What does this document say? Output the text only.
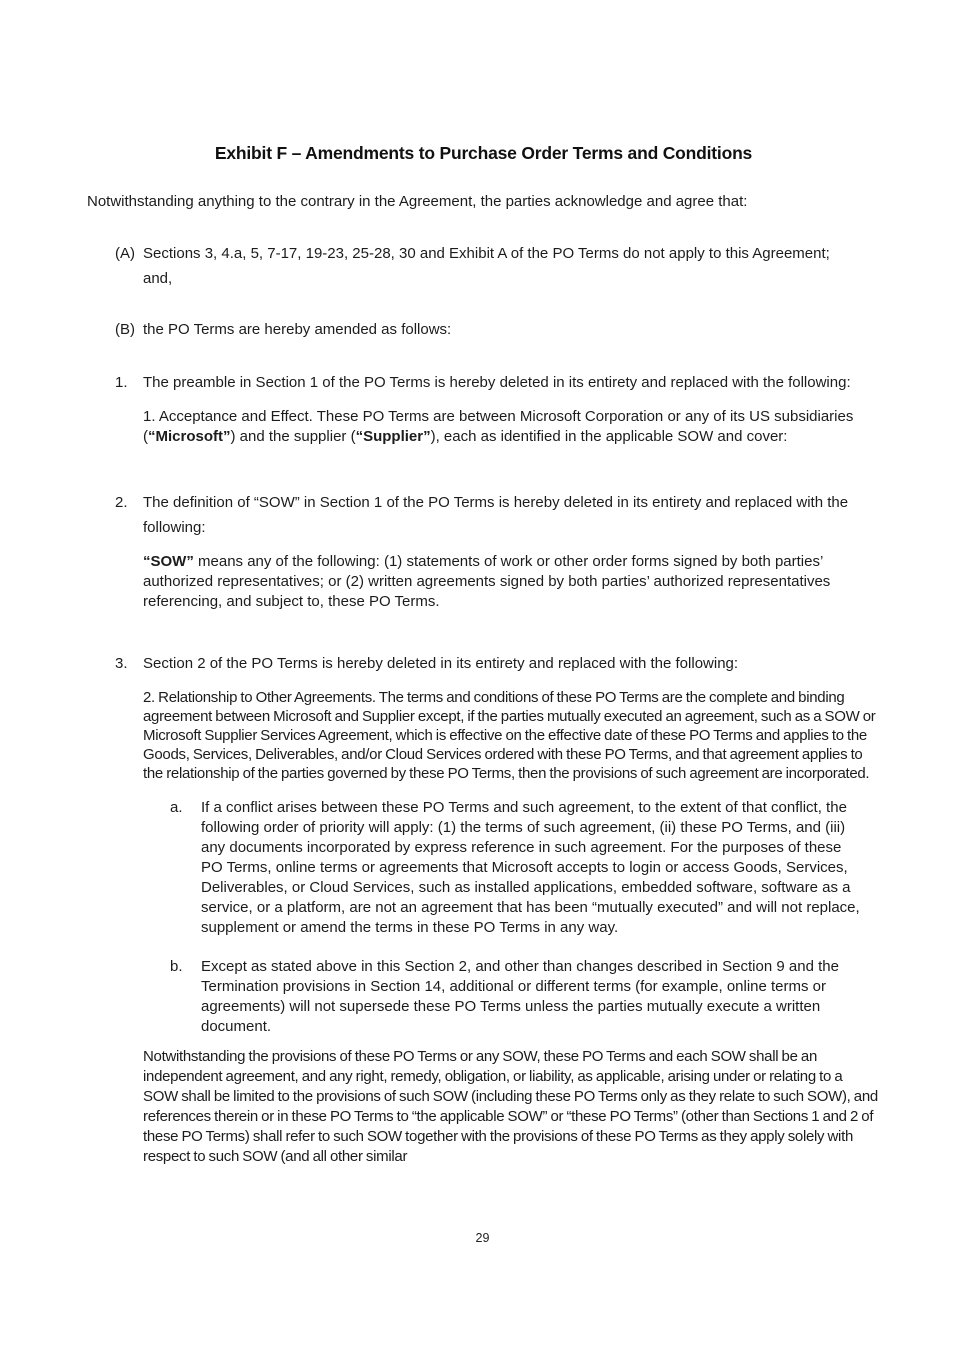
Exhibit F – Amendments to Purchase Order Terms and Conditions

Notwithstanding anything to the contrary in the Agreement, the parties acknowledge and agree that:

(A) Sections 3, 4.a, 5, 7-17, 19-23, 25-28, 30 and Exhibit A of the PO Terms do not apply to this Agreement; and,
(B) the PO Terms are hereby amended as follows:
1.	The preamble in Section 1 of the PO Terms is hereby deleted in its entirety and replaced with the following:

1. Acceptance and Effect. These PO Terms are between Microsoft Corporation or any of its US subsidiaries (“Microsoft”) and the supplier (“Supplier”), each as identified in the applicable SOW and cover:

2.	The definition of “SOW” in Section 1 of the PO Terms is hereby deleted in its entirety and replaced with the following:

“SOW” means any of the following: (1) statements of work or other order forms signed by both parties’ authorized representatives; or (2) written agreements signed by both parties’ authorized representatives referencing, and subject to, these PO Terms.

3.	Section 2 of the PO Terms is hereby deleted in its entirety and replaced with the following:

2. Relationship to Other Agreements. The terms and conditions of these PO Terms are the complete and binding agreement between Microsoft and Supplier except, if the parties mutually executed an agreement, such as a SOW or Microsoft Supplier Services Agreement, which is effective on the effective date of these PO Terms and applies to the Goods, Services, Deliverables, and/or Cloud Services ordered with these PO Terms, and that agreement applies to the relationship of the parties governed by these PO Terms, then the provisions of such agreement are incorporated.

a.	If a conflict arises between these PO Terms and such agreement, to the extent of that conflict, the following order of priority will apply: (1) the terms of such agreement, (ii) these PO Terms, and (iii) any documents incorporated by express reference in such agreement. For the purposes of these PO Terms, online terms or agreements that Microsoft accepts to login or access Goods, Services, Deliverables, or Cloud Services, such as installed applications, embedded software, software as a service, or a platform, are not an agreement that has been “mutually executed” and will not replace, supplement or amend the terms in these PO Terms in any way.
b.	Except as stated above in this Section 2, and other than changes described in Section 9 and the Termination provisions in Section 14, additional or different terms (for example, online terms or agreements) will not supersede these PO Terms unless the parties mutually execute a written document.

Notwithstanding the provisions of these PO Terms or any SOW, these PO Terms and each SOW shall be an independent agreement, and any right, remedy, obligation, or liability, as applicable, arising under or relating to a SOW shall be limited to the provisions of such SOW (including these PO Terms only as they relate to such SOW), and references therein or in these PO Terms to “the applicable SOW” or “these PO Terms” (other than Sections 1 and 2 of these PO Terms) shall refer to such SOW together with the provisions of these PO Terms as they apply solely with respect to such SOW (and all other similar

29
